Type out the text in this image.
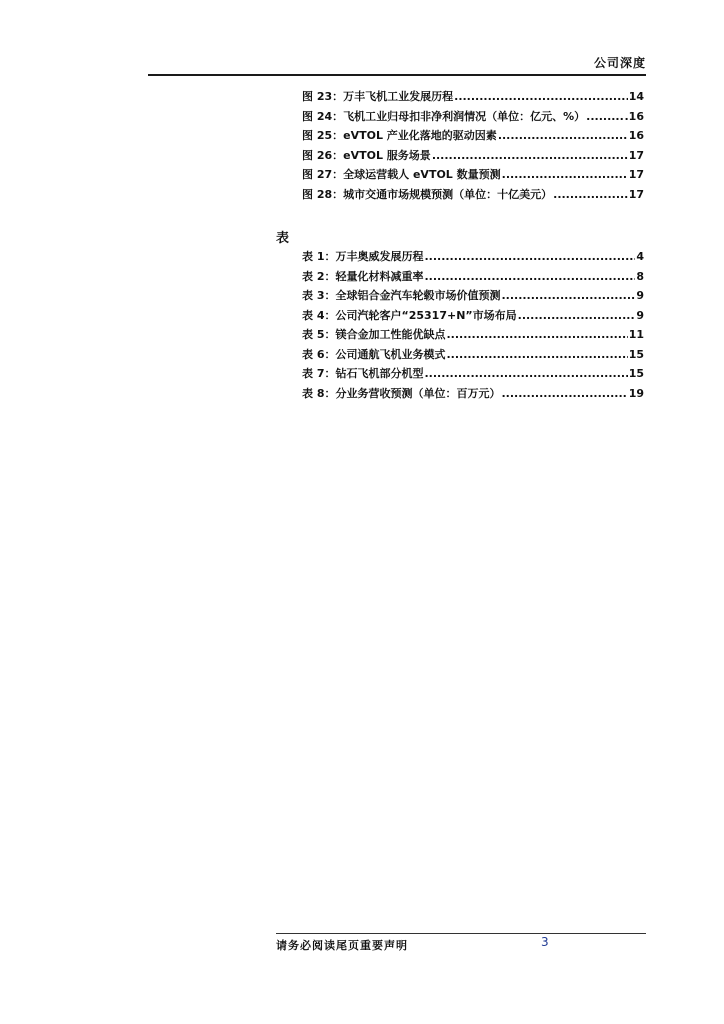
公司深度
图 23 ： 万丰飞机工业发展历程 .....	14
图 24 ： 飞机工业归母扣非净利润情况（单位：亿元、%） .....	.16
图 25 ： eVTOL 产业化落地的驱动因素 .....	16
图 26 ： eVTOL 服务场景 .....	17
图 27 ： 全球运营载人 eVTOL 数量预测 .....	17
图 28 ： 城市交通市场规模预测（单位：十亿美元） .....	17
表
表 1 ： 万丰奥威发展历程 .....	4
表 2 ： 轻量化材料减重率 .....	8
表 3 ： 全球铝合金汽车轮毂市场价值预测 .....	9
表 4 ： 公司汽轮客户“25317+N”市场布局 .....	9
表 5 ： 镁合金加工性能优缺点 .....	11
表 6 ： 公司通航飞机业务模式 .....	15
表 7 ： 钻石飞机部分机型 .....	15
表 8 ： 分业务营收预测（单位：百万元） .....	19
请务必阅读尾页重要声明	3
